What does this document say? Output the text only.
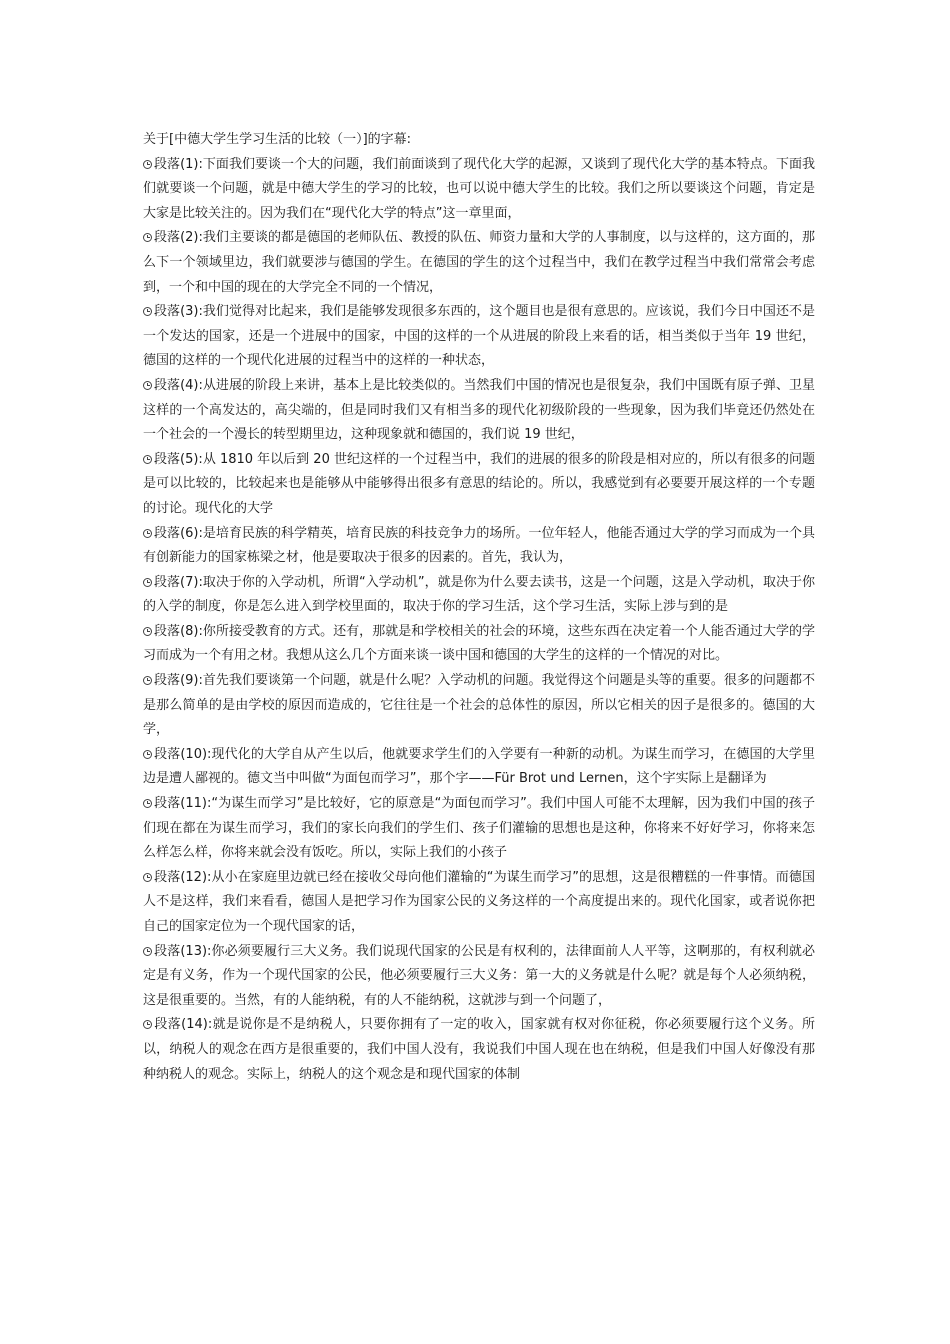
关于[中德大学生学习生活的比较（一）]的字幕:

段落(1):下面我们要谈一个大的问题，我们前面谈到了现代化大学的起源，又谈到了现代化大学的基本特点。下面我们就要谈一个问题，就是中德大学生的学习的比较，也可以说中德大学生的比较。我们之所以要谈这个问题，肯定是大家是比较关注的。因为我们在“现代化大学的特点”这一章里面，

段落(2):我们主要谈的都是德国的老师队伍、教授的队伍、师资力量和大学的人事制度，以与这样的，这方面的，那么下一个领域里边，我们就要涉与德国的学生。在德国的学生的这个过程当中，我们在教学过程当中我们常常会考虑到，一个和中国的现在的大学完全不同的一个情况，

段落(3):我们觉得对比起来，我们是能够发现很多东西的，这个题目也是很有意思的。应该说，我们今日中国还不是一个发达的国家，还是一个进展中的国家，中国的这样的一个从进展的阶段上来看的话，相当类似于当年 19 世纪，德国的这样的一个现代化进展的过程当中的这样的一种状态，

段落(4):从进展的阶段上来讲，基本上是比较类似的。当然我们中国的情况也是很复杂，我们中国既有原子弹、卫星这样的一个高发达的，高尖端的，但是同时我们又有相当多的现代化初级阶段的一些现象，因为我们毕竟还仍然处在一个社会的一个漫长的转型期里边，这种现象就和德国的，我们说 19 世纪，

段落(5):从 1810 年以后到 20 世纪这样的一个过程当中，我们的进展的很多的阶段是相对应的，所以有很多的问题是可以比较的，比较起来也是能够从中能够得出很多有意思的结论的。所以，我感觉到有必要要开展这样的一个专题的讨论。现代化的大学

段落(6):是培育民族的科学精英，培育民族的科技竞争力的场所。一位年轻人，他能否通过大学的学习而成为一个具有创新能力的国家栋梁之材，他是要取决于很多的因素的。首先，我认为，

段落(7):取决于你的入学动机，所谓“入学动机”，就是你为什么要去读书，这是一个问题，这是入学动机，取决于你的入学的制度，你是怎么进入到学校里面的，取决于你的学习生活，这个学习生活，实际上涉与到的是

段落(8):你所接受教育的方式。还有，那就是和学校相关的社会的环境，这些东西在决定着一个人能否通过大学的学习而成为一个有用之材。我想从这么几个方面来谈一谈中国和德国的大学生的这样的一个情况的对比。

段落(9):首先我们要谈第一个问题，就是什么呢？入学动机的问题。我觉得这个问题是头等的重要。很多的问题都不是那么简单的是由学校的原因而造成的，它往往是一个社会的总体性的原因，所以它相关的因子是很多的。德国的大学，

段落(10):现代化的大学自从产生以后，他就要求学生们的入学要有一种新的动机。为谋生而学习，在德国的大学里边是遭人鄙视的。德文当中叫做“为面包而学习”，那个字——Für Brot und Lernen，这个字实际上是翻译为

段落(11):“为谋生而学习”是比较好，它的原意是“为面包而学习”。我们中国人可能不太理解，因为我们中国的孩子们现在都在为谋生而学习，我们的家长向我们的学生们、孩子们灌输的思想也是这种，你将来不好好学习，你将来怎么样怎么样，你将来就会没有饭吃。所以，实际上我们的小孩子

段落(12):从小在家庭里边就已经在接收父母向他们灌输的“为谋生而学习”的思想，这是很糟糕的一件事情。而德国人不是这样，我们来看看，德国人是把学习作为国家公民的义务这样的一个高度提出来的。现代化国家，或者说你把自己的国家定位为一个现代国家的话，

段落(13):你必须要履行三大义务。我们说现代国家的公民是有权利的，法律面前人人平等，这啊那的，有权利就必定是有义务，作为一个现代国家的公民，他必须要履行三大义务：第一大的义务就是什么呢？就是每个人必须纳税，这是很重要的。当然，有的人能纳税，有的人不能纳税，这就涉与到一个问题了，

段落(14):就是说你是不是纳税人，只要你拥有了一定的收入，国家就有权对你征税，你必须要履行这个义务。所以，纳税人的观念在西方是很重要的，我们中国人没有，我说我们中国人现在也在纳税，但是我们中国人好像没有那种纳税人的观念。实际上，纳税人的这个观念是和现代国家的体制
